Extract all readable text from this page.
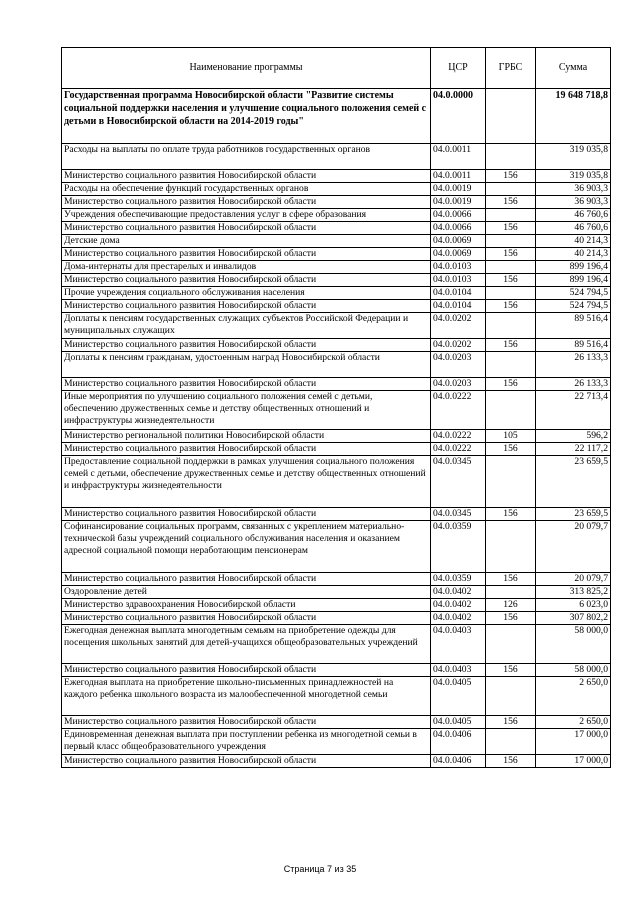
Наименование программы	ЦСР	ГРБС	Сумма
Государственная программа Новосибирской области "Развитие системы социальной поддержки населения и улучшение социального положения семей с детьми в Новосибирской области на 2014-2019 годы"	04.0.0000		19 648 718,8
Расходы на выплаты по оплате труда работников государственных органов	04.0.0011		319 035,8
Министерство социального развития Новосибирской области	04.0.0011	156	319 035,8
Расходы на обеспечение функций государственных органов	04.0.0019		36 903,3
Министерство социального развития Новосибирской области	04.0.0019	156	36 903,3
Учреждения обеспечивающие предоставления услуг в сфере образования	04.0.0066		46 760,6
Министерство социального развития Новосибирской области	04.0.0066	156	46 760,6
Детские дома	04.0.0069		40 214,3
Министерство социального развития Новосибирской области	04.0.0069	156	40 214,3
Дома-интернаты для престарелых и инвалидов	04.0.0103		899 196,4
Министерство социального развития Новосибирской области	04.0.0103	156	899 196,4
Прочие учреждения социального обслуживания населения	04.0.0104		524 794,5
Министерство социального развития Новосибирской области	04.0.0104	156	524 794,5
Доплаты к пенсиям государственных служащих субъектов Российской Федерации и муниципальных служащих	04.0.0202		89 516,4
Министерство социального развития Новосибирской области	04.0.0202	156	89 516,4
Доплаты к пенсиям гражданам, удостоенным наград Новосибирской области	04.0.0203		26 133,3
Министерство социального развития Новосибирской области	04.0.0203	156	26 133,3
Иные мероприятия по улучшению социального положения семей с детьми, обеспечению дружественных семье и детству общественных отношений и инфраструктуры жизнедеятельности	04.0.0222		22 713,4
Министерство региональной политики Новосибирской области	04.0.0222	105	596,2
Министерство социального развития Новосибирской области	04.0.0222	156	22 117,2
Предоставление социальной поддержки в рамках улучшения социального положения семей с детьми, обеспечение дружественных семье и детству общественных отношений и инфраструктуры жизнедеятельности	04.0.0345		23 659,5
Министерство социального развития Новосибирской области	04.0.0345	156	23 659,5
Софинансирование социальных программ, связанных с укреплением материально-технической базы учреждений социального обслуживания населения и оказанием адресной социальной помощи неработающим пенсионерам	04.0.0359		20 079,7
Министерство социального развития Новосибирской области	04.0.0359	156	20 079,7
Оздоровление детей	04.0.0402		313 825,2
Министерство здравоохранения Новосибирской области	04.0.0402	126	6 023,0
Министерство социального развития Новосибирской области	04.0.0402	156	307 802,2
Ежегодная денежная выплата многодетным семьям на приобретение одежды для посещения школьных занятий для детей-учащихся общеобразовательных учреждений	04.0.0403		58 000,0
Министерство социального развития Новосибирской области	04.0.0403	156	58 000,0
Ежегодная выплата на приобретение школьно-письменных принадлежностей на каждого ребенка школьного возраста из малообеспеченной многодетной семьи	04.0.0405		2 650,0
Министерство социального развития Новосибирской области	04.0.0405	156	2 650,0
Единовременная денежная выплата при поступлении ребенка из многодетной семьи в первый класс общеобразовательного учреждения	04.0.0406		17 000,0
Министерство социального развития Новосибирской области	04.0.0406	156	17 000,0
Страница 7 из 35
